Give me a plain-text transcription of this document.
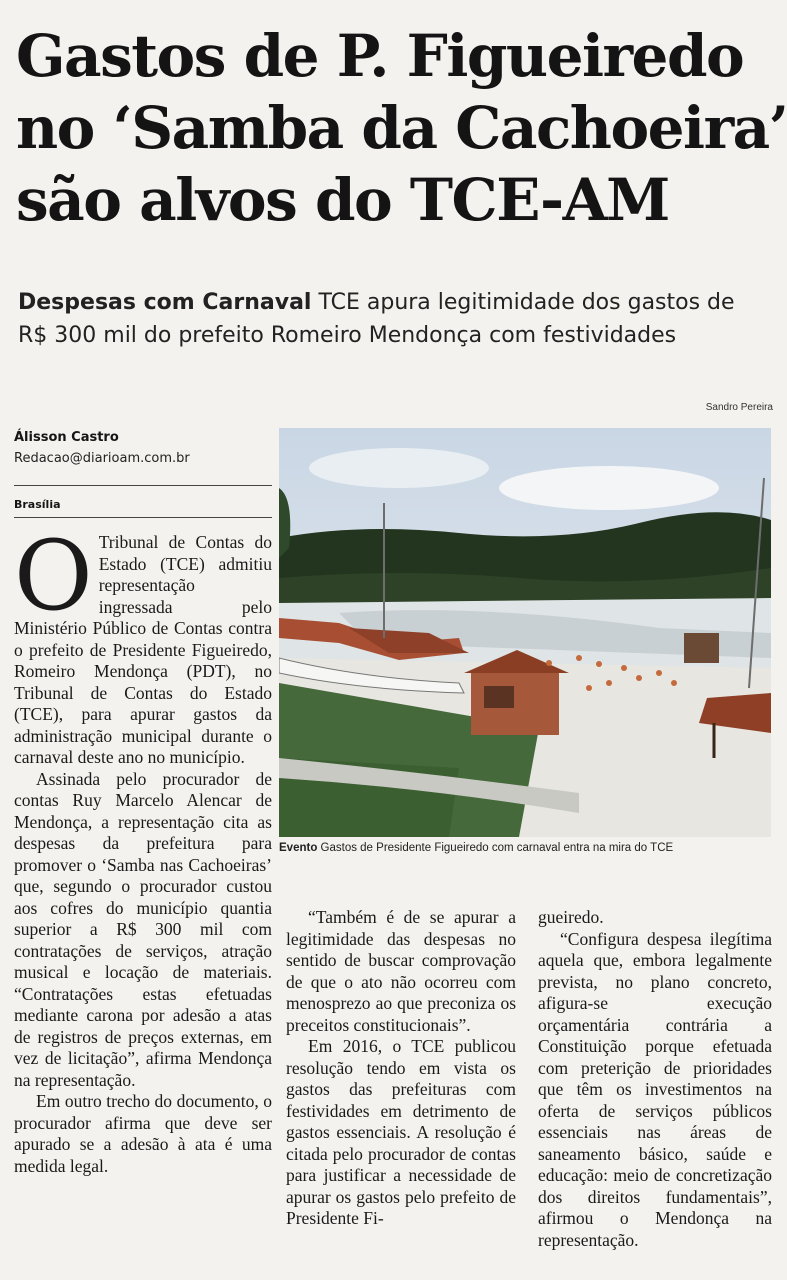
Gastos de P. Figueiredo
no ‘Samba da Cachoeira’
são alvos do TCE-AM
Despesas com Carnaval TCE apura legitimidade dos gastos de
R$ 300 mil do prefeito Romeiro Mendonça com festividades
Sandro Pereira
Álisson Castro
Redacao@diarioam.com.br
Brasília
Evento Gastos de Presidente Figueiredo com carnaval entra na mira do TCE

O Tribunal de Contas do Estado (TCE) admitiu representação ingressada pelo Ministério Público de Contas contra o prefeito de Presidente Figueiredo, Romeiro Mendonça (PDT), no Tribunal de Contas do Estado (TCE), para apurar gastos da administração municipal durante o carnaval deste ano no município.

Assinada pelo procurador de contas Ruy Marcelo Alencar de Mendonça, a representação cita as despesas da prefeitura para promover o ‘Samba nas Cachoeiras’ que, segundo o procurador custou aos cofres do município quantia superior a R$ 300 mil com contratações de serviços, atração musical e locação de materiais. “Contratações estas efetuadas mediante carona por adesão a atas de registros de preços externas, em vez de licitação”, afirma Mendonça na representação.

Em outro trecho do documento, o procurador afirma que deve ser apurado se a adesão à ata é uma medida legal.

“Também é de se apurar a legitimidade das despesas no sentido de buscar comprovação de que o ato não ocorreu com menosprezo ao que preconiza os preceitos constitucionais”.

Em 2016, o TCE publicou resolução tendo em vista os gastos das prefeituras com festividades em detrimento de gastos essenciais. A resolução é citada pelo procurador de contas para justificar a necessidade de apurar os gastos pelo prefeito de Presidente Fi-

gueiredo.

“Configura despesa ilegítima aquela que, embora legalmente prevista, no plano concreto, afigura-se execução orçamentária contrária a Constituição porque efetuada com preterição de prioridades que têm os investimentos na oferta de serviços públicos essenciais nas áreas de saneamento básico, saúde e educação: meio de concretização dos direitos fundamentais”, afirmou o Mendonça na representação.
